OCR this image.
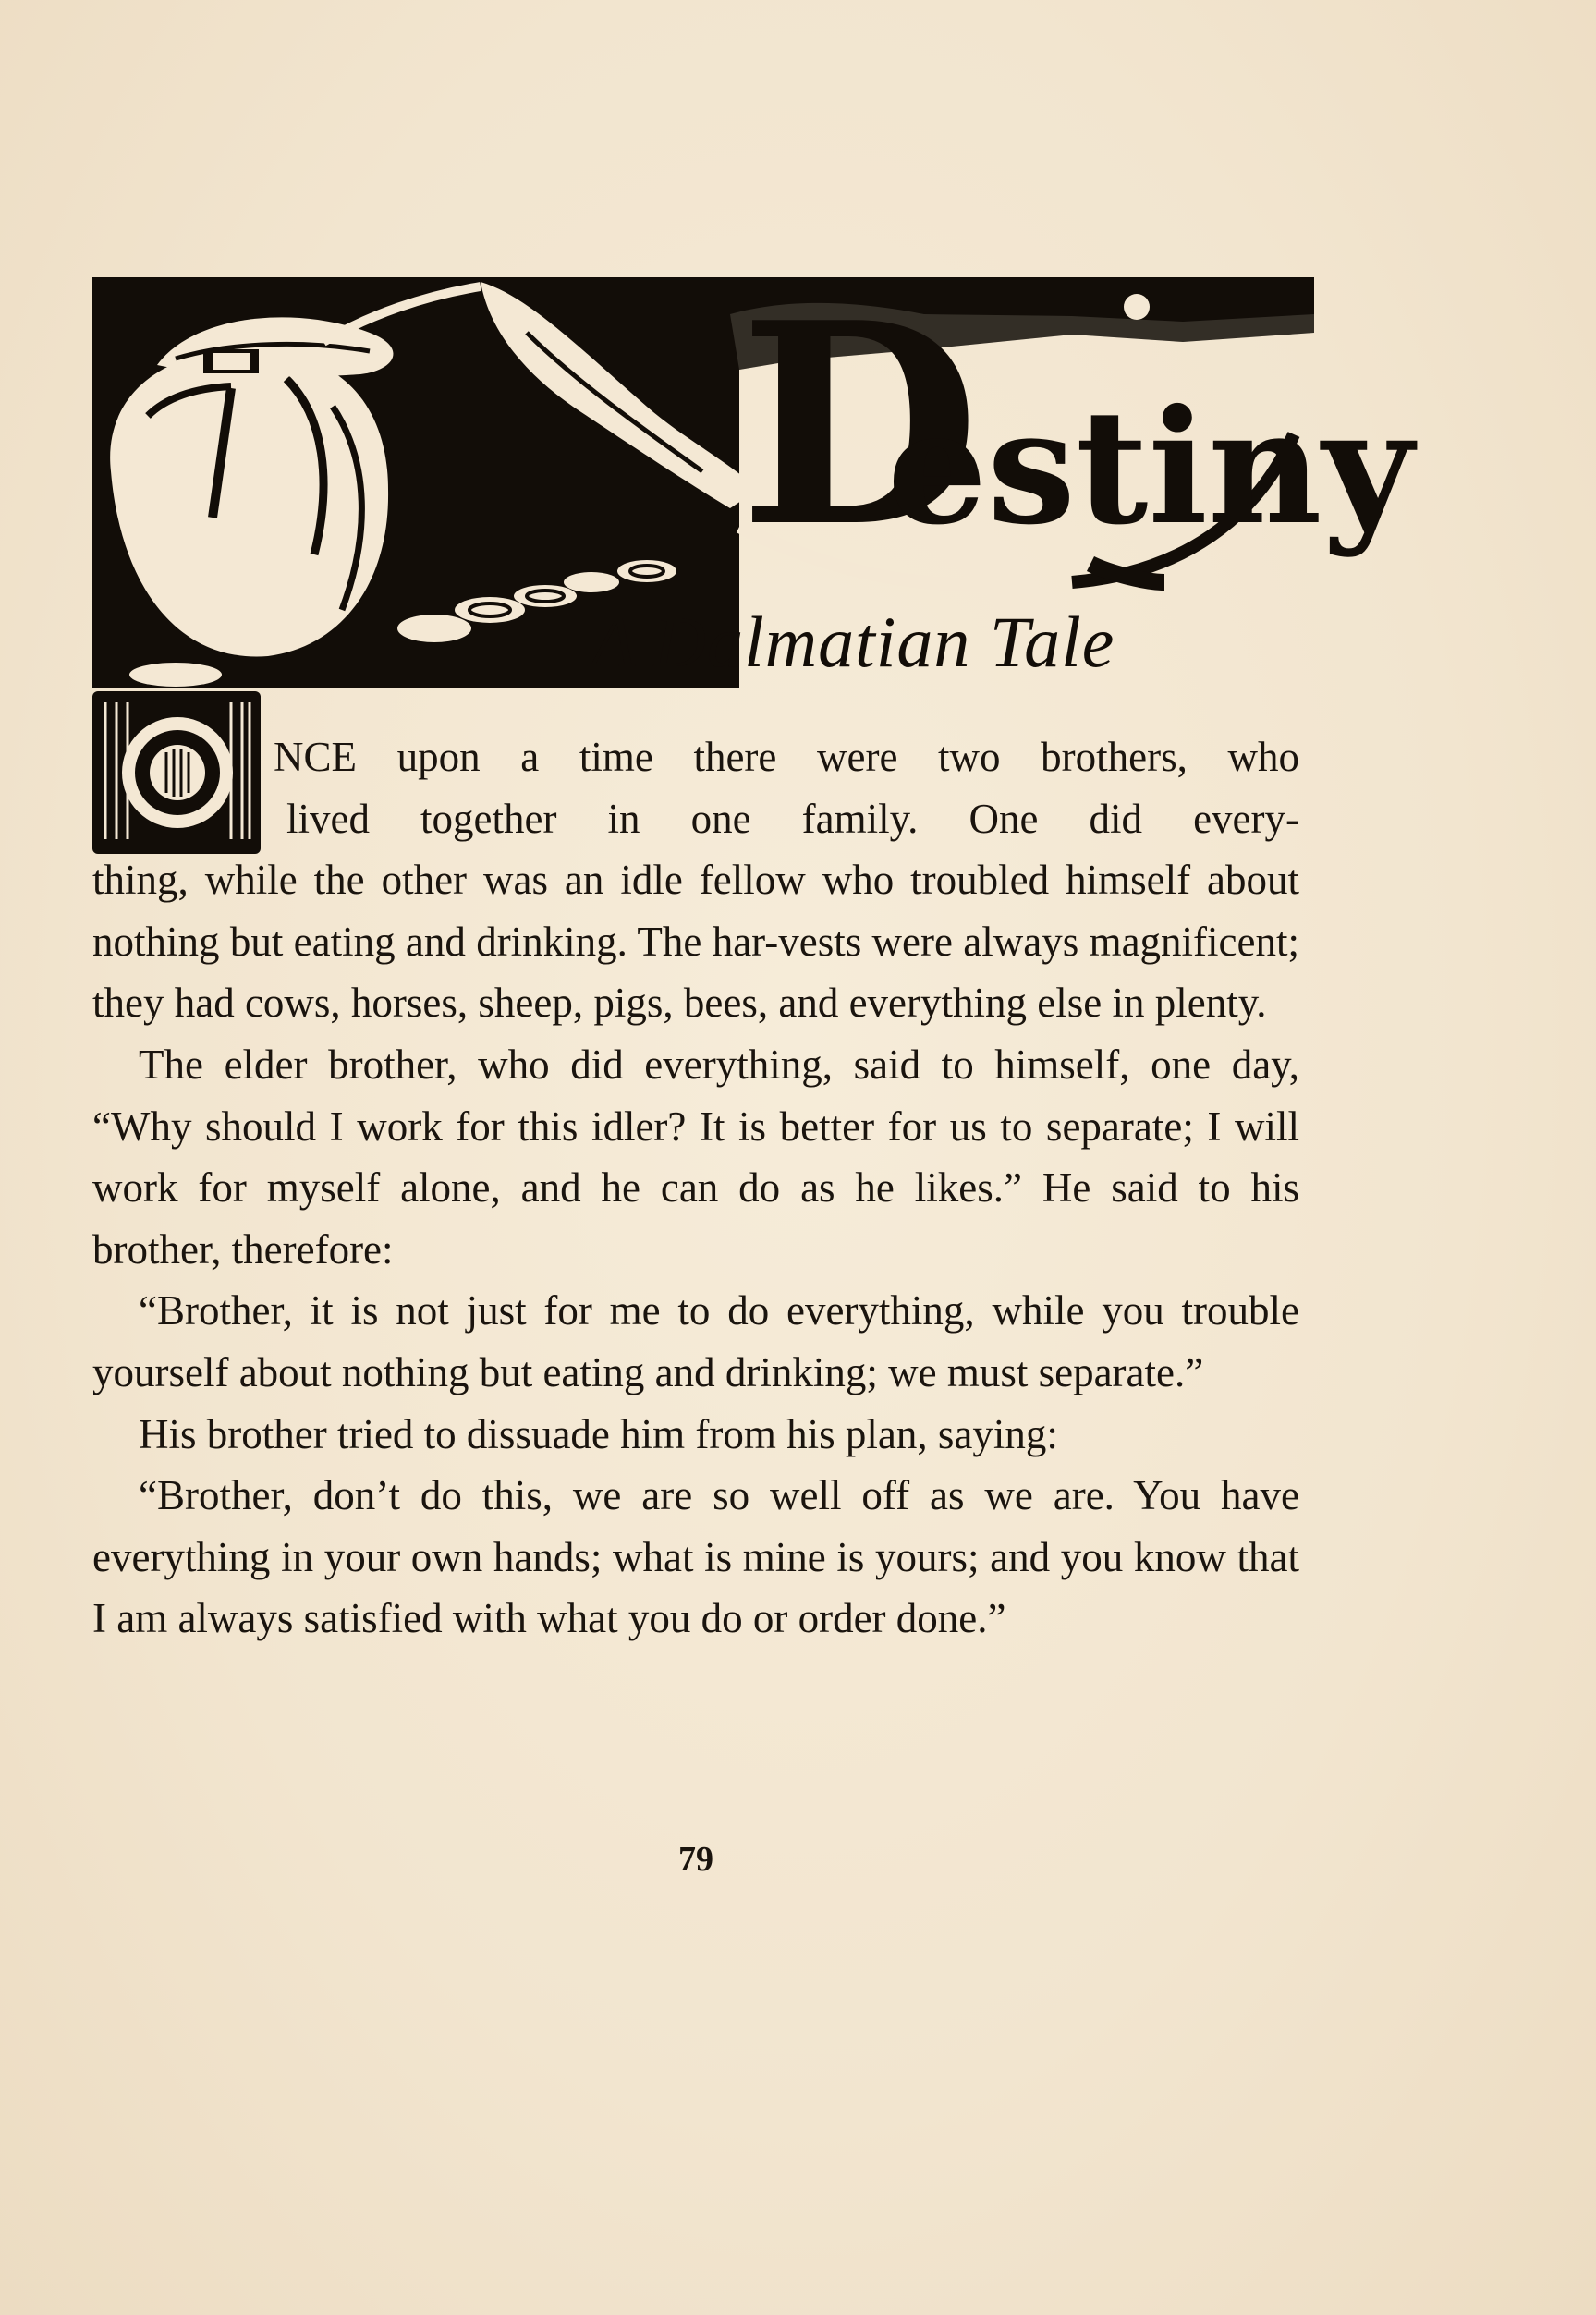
D
estiny
A Dalmatian Tale

NCE upon a time there were two brothers, who
lived together in one family. One did every-

thing, while the other was an idle fellow who troubled himself about nothing but eating and drinking. The har-vests were always magnificent; they had cows, horses, sheep, pigs, bees, and everything else in plenty.

The elder brother, who did everything, said to himself, one day, “Why should I work for this idler? It is better for us to separate; I will work for myself alone, and he can do as he likes.” He said to his brother, therefore:

“Brother, it is not just for me to do everything, while you trouble yourself about nothing but eating and drinking; we must separate.”

His brother tried to dissuade him from his plan, saying:

“Brother, don’t do this, we are so well off as we are. You have everything in your own hands; what is mine is yours; and you know that I am always satisfied with what you do or order done.”

79
